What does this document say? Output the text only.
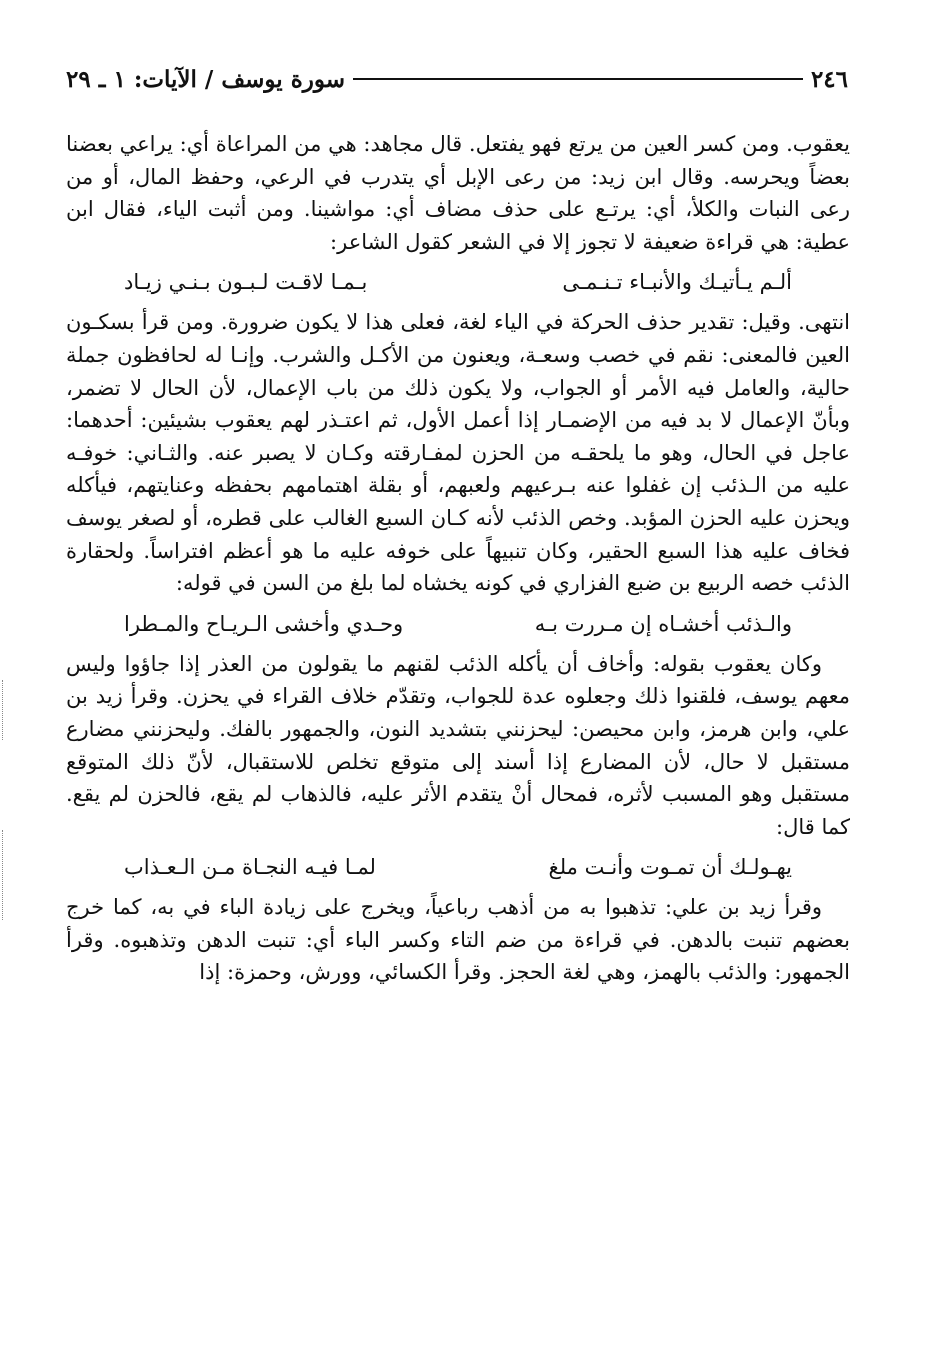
٢٤٦
سورة يوسف / الآيات: ١ ـ ٢٩

يعقوب. ومن كسر العين من يرتع فهو يفتعل. قال مجاهد: هي من المراعاة أي: يراعي بعضنا بعضاً ويحرسه. وقال ابن زيد: من رعى الإبل أي يتدرب في الرعي، وحفظ المال، أو من رعى النبات والكلأ، أي: يرتـع على حذف مضاف أي: مواشينا. ومن أثبت الياء، فقال ابن عطية: هي قراءة ضعيفة لا تجوز إلا في الشعر كقول الشاعر:

ألـم يـأتيـك والأنبـاء تـنـمـى
بـمـا لاقـت لـبـون بـنـي زيـاد

انتهى. وقيل: تقدير حذف الحركة في الياء لغة، فعلى هذا لا يكون ضرورة. ومن قرأ بسكـون العين فالمعنى: نقم في خصب وسعـة، ويعنون من الأكـل والشرب. وإنـا له لحافظون جملة حالية، والعامل فيه الأمر أو الجواب، ولا يكون ذلك من باب الإعمال، لأن الحال لا تضمر، وبأنّ الإعمال لا بد فيه من الإضمـار إذا أعمل الأول، ثم اعتـذر لهم يعقوب بشيئين: أحدهما: عاجل في الحال، وهو ما يلحقـه من الحزن لمفـارقته وكـان لا يصبر عنه. والثـاني: خوفـه عليه من الـذئب إن غفلوا عنه بـرعيهم ولعبهم، أو بقلة اهتمامهم بحفظه وعنايتهم، فيأكله ويحزن عليه الحزن المؤبد. وخص الذئب لأنه كـان السبع الغالب على قطره، أو لصغر يوسف فخاف عليه هذا السبع الحقير، وكان تنبيهاً على خوفه عليه ما هو أعظم افتراساً. ولحقارة الذئب خصه الربيع بن ضبع الفزاري في كونه يخشاه لما بلغ من السن في قوله:

والـذئب أخشـاه إن مـررت بـه
وحـدي وأخشى الـريـاح والمـطرا

وكان يعقوب بقوله: وأخاف أن يأكله الذئب لقنهم ما يقولون من العذر إذا جاؤوا وليس معهم يوسف، فلقنوا ذلك وجعلوه عدة للجواب، وتقدّم خلاف القراء في يحزن. وقرأ زيد بن علي، وابن هرمز، وابن محيصن: ليحزنني بتشديد النون، والجمهور بالفك. وليحزنني مضارع مستقبل لا حال، لأن المضارع إذا أسند إلى متوقع تخلص للاستقبال، لأنّ ذلك المتوقع مستقبل وهو المسبب لأثره، فمحال أنْ يتقدم الأثر عليه، فالذهاب لم يقع، فالحزن لم يقع. كما قال:

يهـولـك أن تمـوت وأنـت ملغ
لمـا فيـه النجـاة مـن الـعـذاب

وقرأ زيد بن علي: تذهبوا به من أذهب رباعياً، ويخرج على زيادة الباء في به، كما خرج بعضهم تنبت بالدهن. في قراءة من ضم التاء وكسر الباء أي: تنبت الدهن وتذهبوه. وقرأ الجمهور: والذئب بالهمز، وهي لغة الحجز. وقرأ الكسائي، وورش، وحمزة: إذا
